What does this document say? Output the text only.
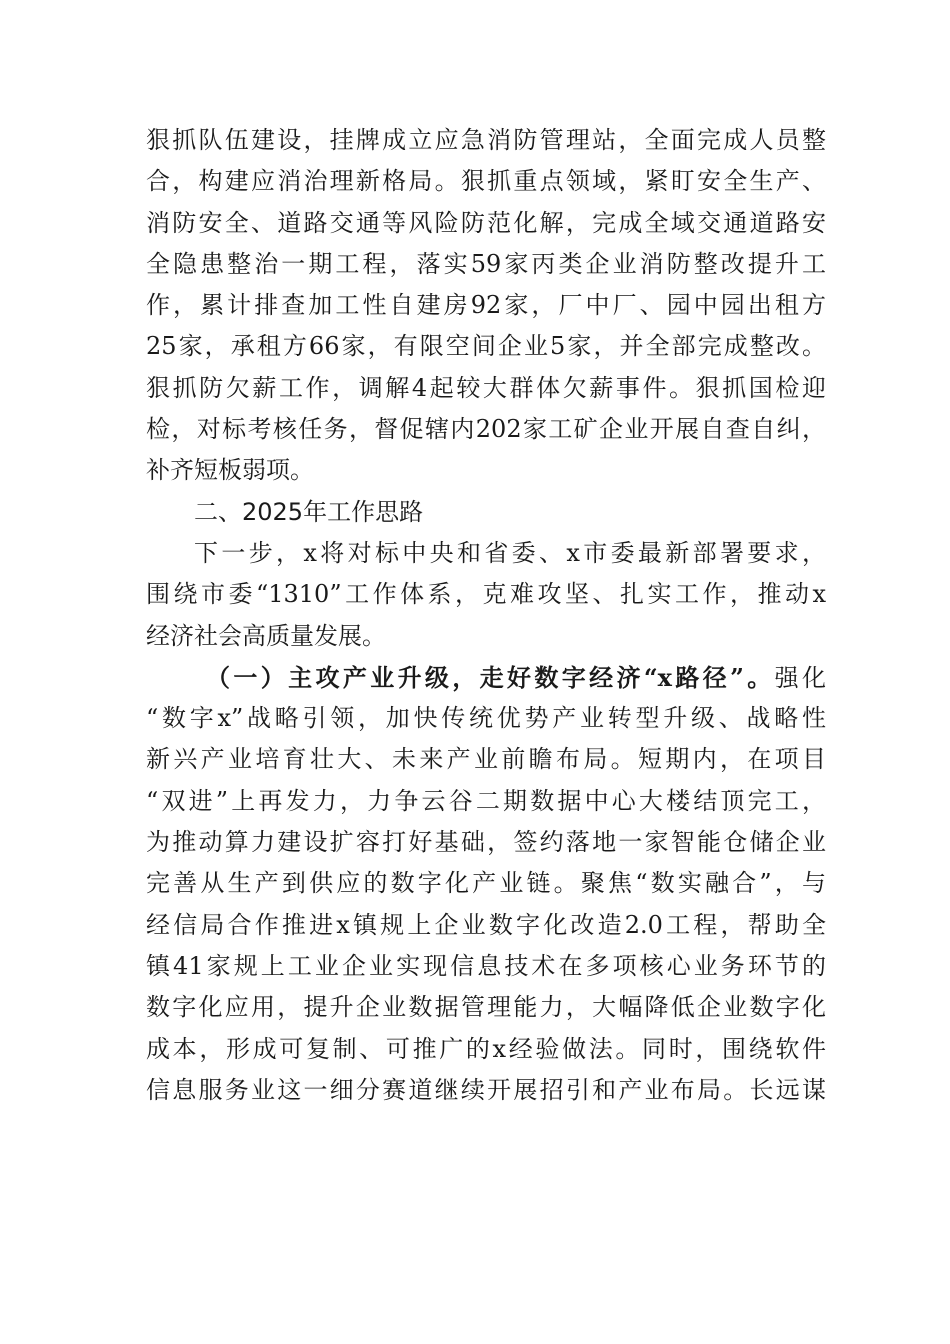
狠抓队伍建设，挂牌成立应急消防管理站，全面完成人员整
合，构建应消治理新格局。狠抓重点领域，紧盯安全生产、
消防安全、道路交通等风险防范化解，完成全域交通道路安
全隐患整治一期工程，落实59家丙类企业消防整改提升工
作，累计排查加工性自建房92家，厂中厂、园中园出租方
25家，承租方66家，有限空间企业5家，并全部完成整改。
狠抓防欠薪工作，调解4起较大群体欠薪事件。狠抓国检迎
检，对标考核任务，督促辖内202家工矿企业开展自查自纠，
补齐短板弱项。
二、2025年工作思路
下一步，x将对标中央和省委、x市委最新部署要求，
围绕市委“1310”工作体系，克难攻坚、扎实工作，推动x
经济社会高质量发展。
（一）主攻产业升级，走好数字经济“x路径”。强化
“数字x”战略引领，加快传统优势产业转型升级、战略性
新兴产业培育壮大、未来产业前瞻布局。短期内，在项目
“双进”上再发力，力争云谷二期数据中心大楼结顶完工，
为推动算力建设扩容打好基础，签约落地一家智能仓储企业
完善从生产到供应的数字化产业链。聚焦“数实融合”，与
经信局合作推进x镇规上企业数字化改造2.0工程，帮助全
镇41家规上工业企业实现信息技术在多项核心业务环节的
数字化应用，提升企业数据管理能力，大幅降低企业数字化
成本，形成可复制、可推广的x经验做法。同时，围绕软件
信息服务业这一细分赛道继续开展招引和产业布局。长远谋
